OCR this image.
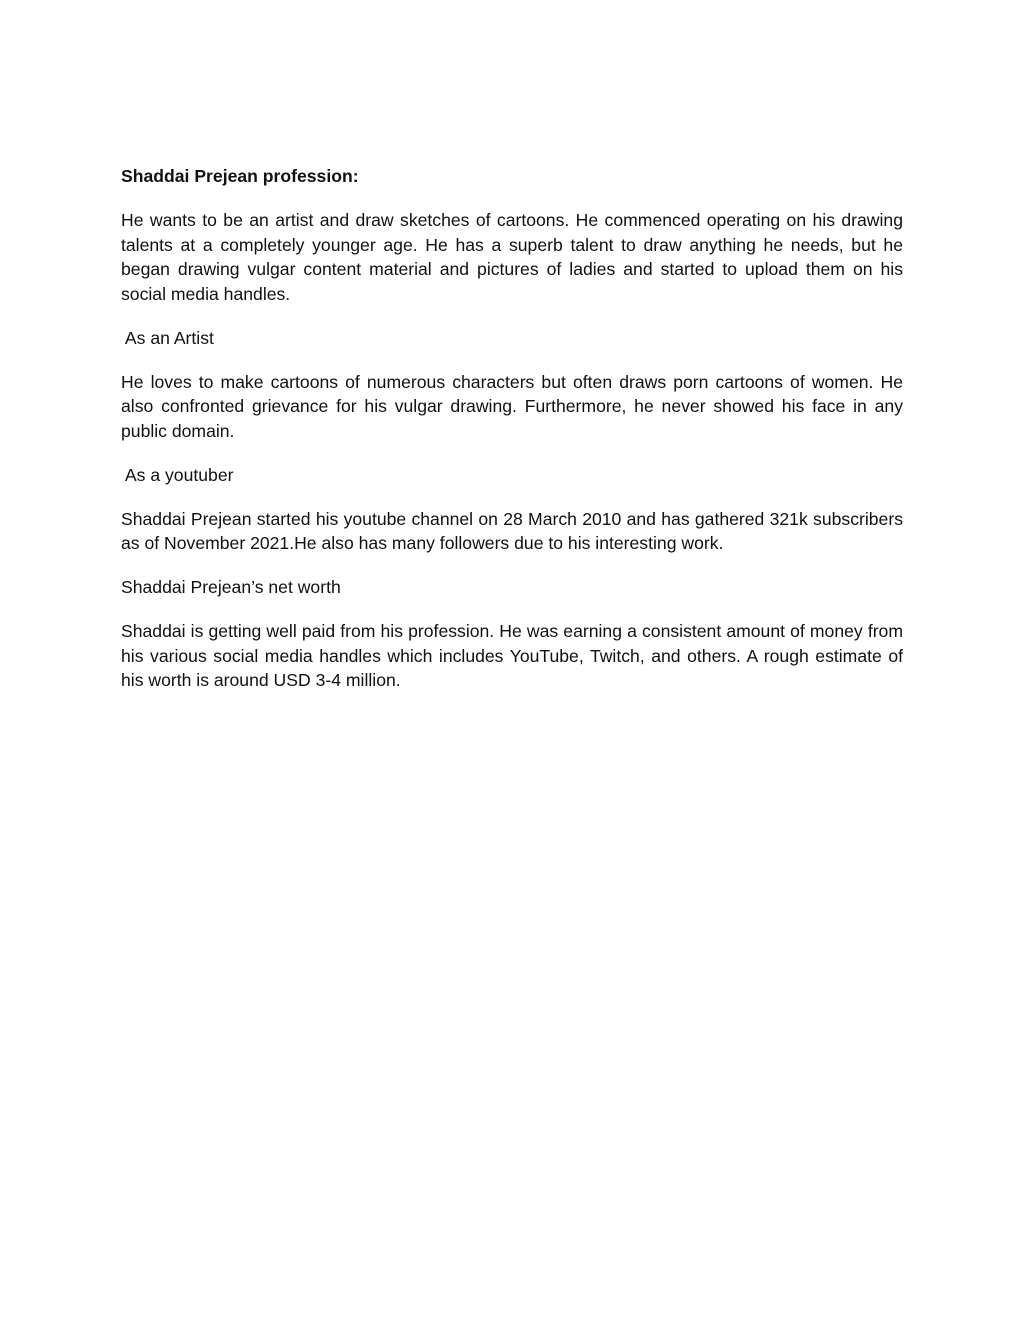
Shaddai Prejean profession:

He wants to be an artist and draw sketches of cartoons. He commenced operating on his drawing talents at a completely younger age. He has a superb talent to draw anything he needs, but he began drawing vulgar content material and pictures of ladies and started to upload them on his social media handles.

As an Artist

He loves to make cartoons of numerous characters but often draws porn cartoons of women. He also confronted grievance for his vulgar drawing. Furthermore, he never showed his face in any public domain.

As a youtuber

Shaddai Prejean started his youtube channel on 28 March 2010 and has gathered 321k subscribers as of November 2021.He also has many followers due to his interesting work.

Shaddai Prejean’s net worth

Shaddai is getting well paid from his profession. He was earning a consistent amount of money from his various social media handles which includes YouTube, Twitch, and others. A rough estimate of his worth is around USD 3-4 million.
